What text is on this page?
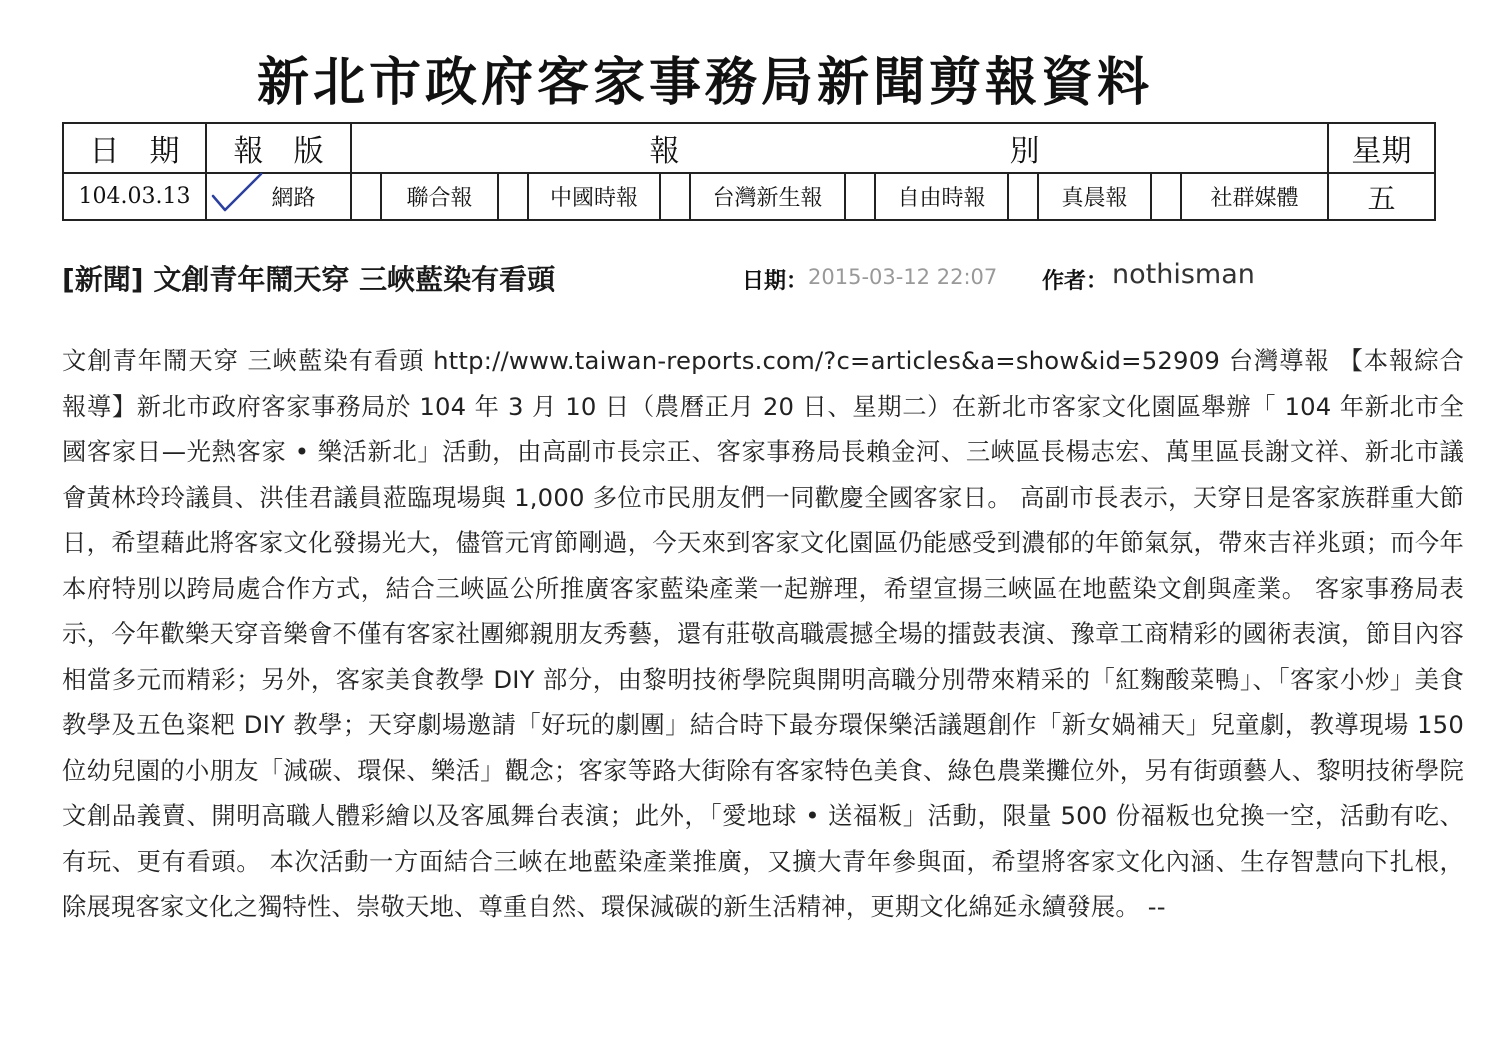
新北市政府客家事務局新聞剪報資料
日　期	報　版	報 別												星期
104.03.13	網路		聯合報		中國時報		台灣新生報		自由時報		真晨報		社群媒體	五
[新聞] 文創青年鬧天穿 三峽藍染有看頭	日期： 2015-03-12 22:07 作者： nothisman
文創青年鬧天穿 三峽藍染有看頭 http://www.taiwan-reports.com/?c=articles&a=show&id=52909 台灣導報 【本報綜合報導】新北市政府客家事務局於 104 年 3 月 10 日（農曆正月 20 日、星期二）在新北市客家文化園區舉辦「 104 年新北市全國客家日—光熱客家 • 樂活新北」活動，由高副市長宗正、客家事務局長賴金河、三峽區長楊志宏、萬里區長謝文祥、新北市議會黃林玲玲議員、洪佳君議員蒞臨現場與 1,000 多位市民朋友們一同歡慶全國客家日。 高副市長表示，天穿日是客家族群重大節日，希望藉此將客家文化發揚光大，儘管元宵節剛過，今天來到客家文化園區仍能感受到濃郁的年節氣氛，帶來吉祥兆頭；而今年本府特別以跨局處合作方式，結合三峽區公所推廣客家藍染產業一起辦理，希望宣揚三峽區在地藍染文創與產業。 客家事務局表示，今年歡樂天穿音樂會不僅有客家社團鄉親朋友秀藝，還有莊敬高職震撼全場的擂鼓表演、豫章工商精彩的國術表演，節目內容相當多元而精彩；另外，客家美食教學 DIY 部分，由黎明技術學院與開明高職分別帶來精采的「紅麴酸菜鴨」、「客家小炒」美食教學及五色粢粑 DIY 教學；天穿劇場邀請「好玩的劇團」結合時下最夯環保樂活議題創作「新女媧補天」兒童劇，教導現場 150 位幼兒園的小朋友「減碳、環保、樂活」觀念；客家等路大街除有客家特色美食、綠色農業攤位外，另有街頭藝人、黎明技術學院文創品義賣、開明高職人體彩繪以及客風舞台表演；此外，「愛地球 • 送福粄」活動，限量 500 份福粄也兌換一空，活動有吃、有玩、更有看頭。 本次活動一方面結合三峽在地藍染產業推廣，又擴大青年參與面，希望將客家文化內涵、生存智慧向下扎根，除展現客家文化之獨特性、崇敬天地、尊重自然、環保減碳的新生活精神，更期文化綿延永續發展。 --
